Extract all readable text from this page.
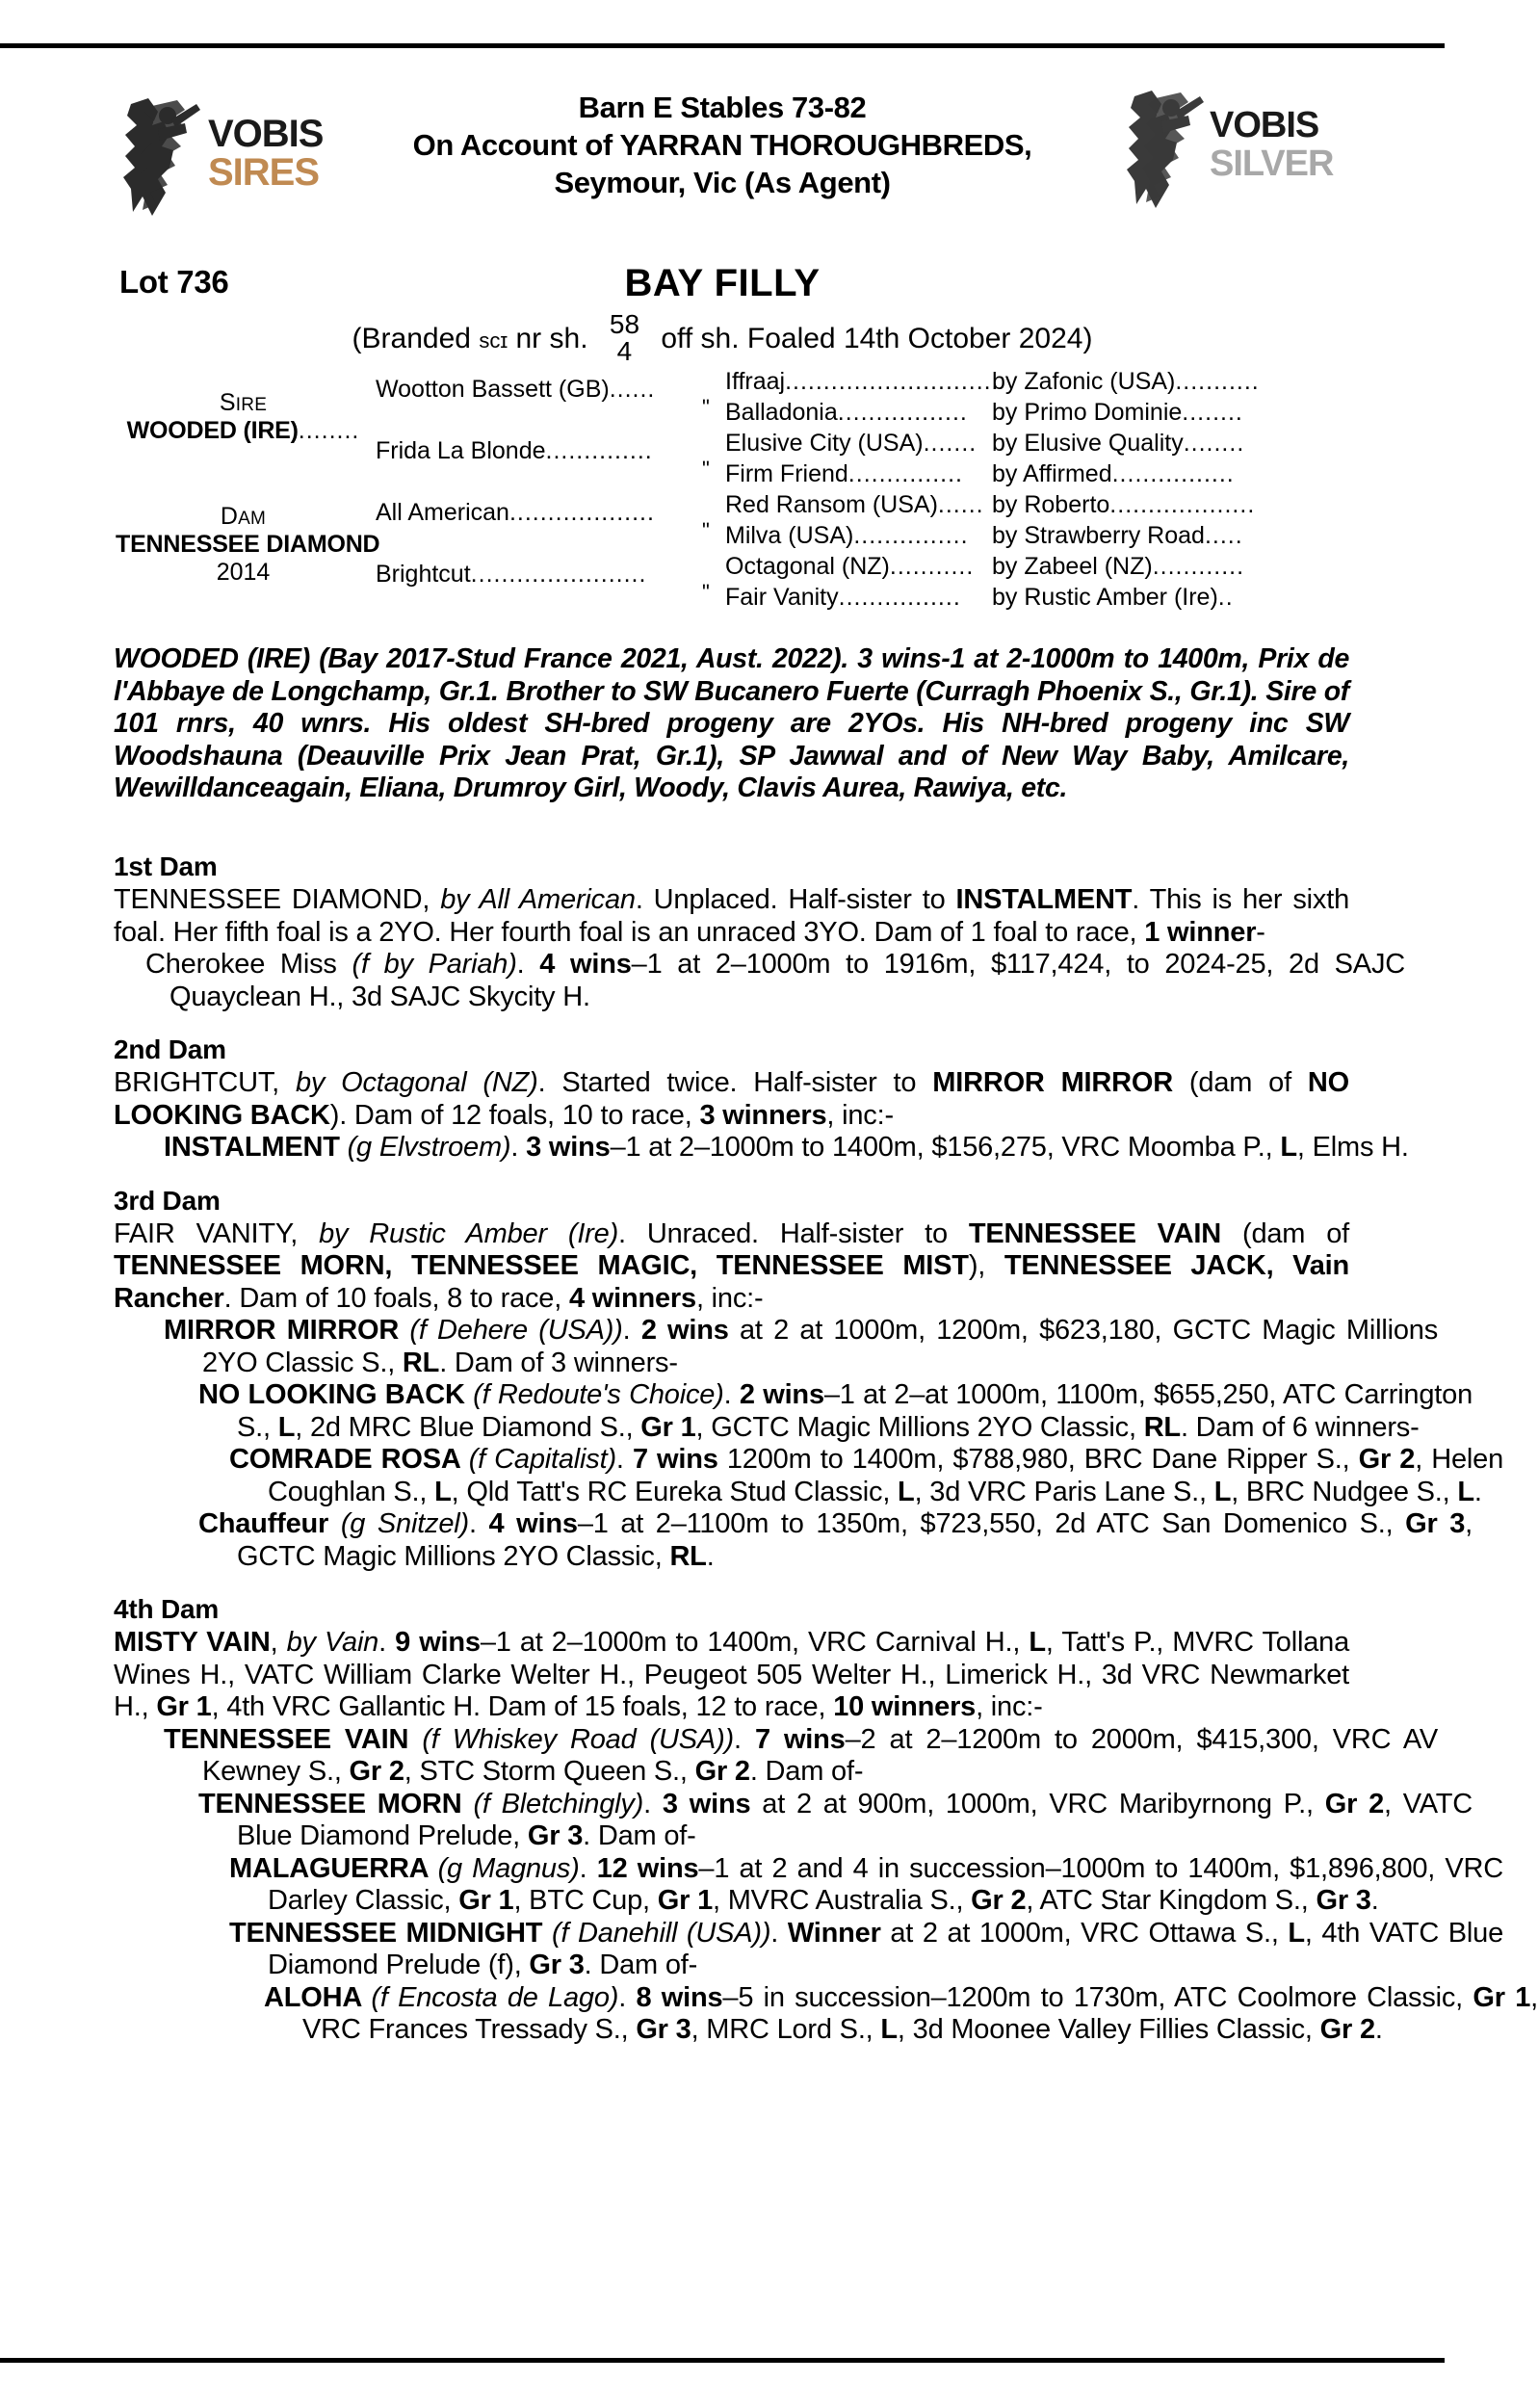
VOBIS
SIRES
VOBIS
SILVER
Barn E Stables 73-82
On Account of YARRAN THOROUGHBREDS,
Seymour, Vic (As Agent)
Lot 736	BAY FILLY
(Branded scɪ nr sh. 58
4 off sh. Foaled 14th October 2024)
SIRE
WOODED (IRE)........
DAM
TENNESSEE DIAMOND
2014
Wootton Bassett (GB)......
Frida La Blonde..............
All American...................
Brightcut.......................
Iffraaj............................
by Zafonic (USA)...........
ʺ Balladonia................. by Primo Dominie........
Elusive City (USA)....... by Elusive Quality........
ʺ Firm Friend............... by Affirmed................
Red Ransom (USA)...... by Roberto...................
ʺ Milva (USA)............... by Strawberry Road.....
Octagonal (NZ)........... by Zabeel (NZ)............
ʺ Fair Vanity................ by Rustic Amber (Ire)..
WOODED (IRE) (Bay 2017-Stud France 2021, Aust. 2022). 3 wins-1 at 2-1000m to 1400m, Prix de l'Abbaye de Longchamp, Gr.1. Brother to SW Bucanero Fuerte (Curragh Phoenix S., Gr.1). Sire of 101 rnrs, 40 wnrs. His oldest SH-bred progeny are 2YOs. His NH-bred progeny inc SW Woodshauna (Deauville Prix Jean Prat, Gr.1), SP Jawwal and of New Way Baby, Amilcare, Wewilldanceagain, Eliana, Drumroy Girl, Woody, Clavis Aurea, Rawiya, etc.
1st Dam
TENNESSEE DIAMOND, by All American. Unplaced. Half-sister to INSTALMENT. This is her sixth foal. Her fifth foal is a 2YO. Her fourth foal is an unraced 3YO. Dam of 1 foal to race, 1 winner-
Cherokee Miss (f by Pariah). 4 wins–1 at 2–1000m to 1916m, $117,424, to 2024-25, 2d SAJC Quayclean H., 3d SAJC Skycity H.
2nd Dam
BRIGHTCUT, by Octagonal (NZ). Started twice. Half-sister to MIRROR MIRROR (dam of NO LOOKING BACK). Dam of 12 foals, 10 to race, 3 winners, inc:-
INSTALMENT (g Elvstroem). 3 wins–1 at 2–1000m to 1400m, $156,275, VRC Moomba P., L, Elms H.
3rd Dam
FAIR VANITY, by Rustic Amber (Ire). Unraced. Half-sister to TENNESSEE VAIN (dam of TENNESSEE MORN, TENNESSEE MAGIC, TENNESSEE MIST), TENNESSEE JACK, Vain Rancher. Dam of 10 foals, 8 to race, 4 winners, inc:-
MIRROR MIRROR (f Dehere (USA)). 2 wins at 2 at 1000m, 1200m, $623,180, GCTC Magic Millions 2YO Classic S., RL. Dam of 3 winners-
NO LOOKING BACK (f Redoute's Choice). 2 wins–1 at 2–at 1000m, 1100m, $655,250, ATC Carrington S., L, 2d MRC Blue Diamond S., Gr 1, GCTC Magic Millions 2YO Classic, RL. Dam of 6 winners-
COMRADE ROSA (f Capitalist). 7 wins 1200m to 1400m, $788,980, BRC Dane Ripper S., Gr 2, Helen Coughlan S., L, Qld Tatt's RC Eureka Stud Classic, L, 3d VRC Paris Lane S., L, BRC Nudgee S., L.
Chauffeur (g Snitzel). 4 wins–1 at 2–1100m to 1350m, $723,550, 2d ATC San Domenico S., Gr 3, GCTC Magic Millions 2YO Classic, RL.
4th Dam
MISTY VAIN, by Vain. 9 wins–1 at 2–1000m to 1400m, VRC Carnival H., L, Tatt's P., MVRC Tollana Wines H., VATC William Clarke Welter H., Peugeot 505 Welter H., Limerick H., 3d VRC Newmarket H., Gr 1, 4th VRC Gallantic H. Dam of 15 foals, 12 to race, 10 winners, inc:-
TENNESSEE VAIN (f Whiskey Road (USA)). 7 wins–2 at 2–1200m to 2000m, $415,300, VRC AV Kewney S., Gr 2, STC Storm Queen S., Gr 2. Dam of-
TENNESSEE MORN (f Bletchingly). 3 wins at 2 at 900m, 1000m, VRC Maribyrnong P., Gr 2, VATC Blue Diamond Prelude, Gr 3. Dam of-
MALAGUERRA (g Magnus). 12 wins–1 at 2 and 4 in succession–1000m to 1400m, $1,896,800, VRC Darley Classic, Gr 1, BTC Cup, Gr 1, MVRC Australia S., Gr 2, ATC Star Kingdom S., Gr 3.
TENNESSEE MIDNIGHT (f Danehill (USA)). Winner at 2 at 1000m, VRC Ottawa S., L, 4th VATC Blue Diamond Prelude (f), Gr 3. Dam of-
ALOHA (f Encosta de Lago). 8 wins–5 in succession–1200m to 1730m, ATC Coolmore Classic, Gr 1, VRC Frances Tressady S., Gr 3, MRC Lord S., L, 3d Moonee Valley Fillies Classic, Gr 2.
